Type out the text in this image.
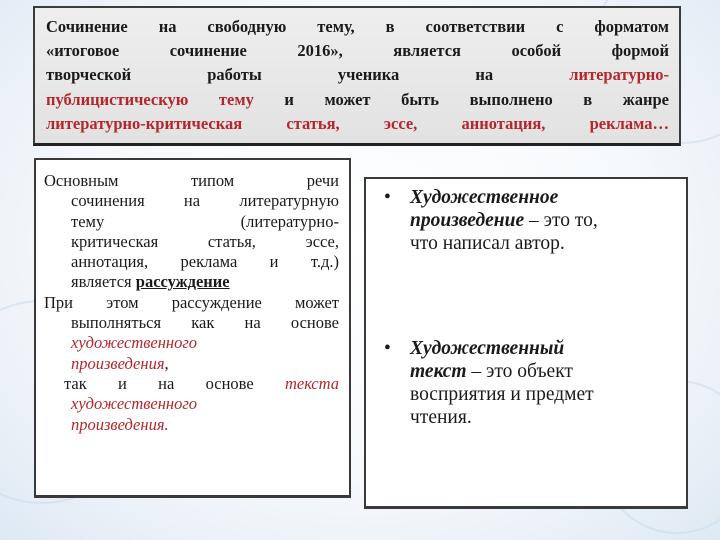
Сочинение на свободную тему, в соответствии с форматом
«итоговое сочинение 2016», является особой формой
творческой работы ученика на литературно-
публицистическую тему и может быть выполнено в жанре
литературно-критическая статья, эссе, аннотация, реклама…
Основным типом речи
сочинения на литературную
тему (литературно-
критическая статья, эссе,
аннотация, реклама и т.д.)
является рассуждение
При этом рассуждение может
выполняться как на основе
художественного
произведения,
так и на основе текста
художественного
произведения.
• Художественное
произведение – это то,
что написал автор.
• Художественный
текст – это объект
восприятия и предмет
чтения.
